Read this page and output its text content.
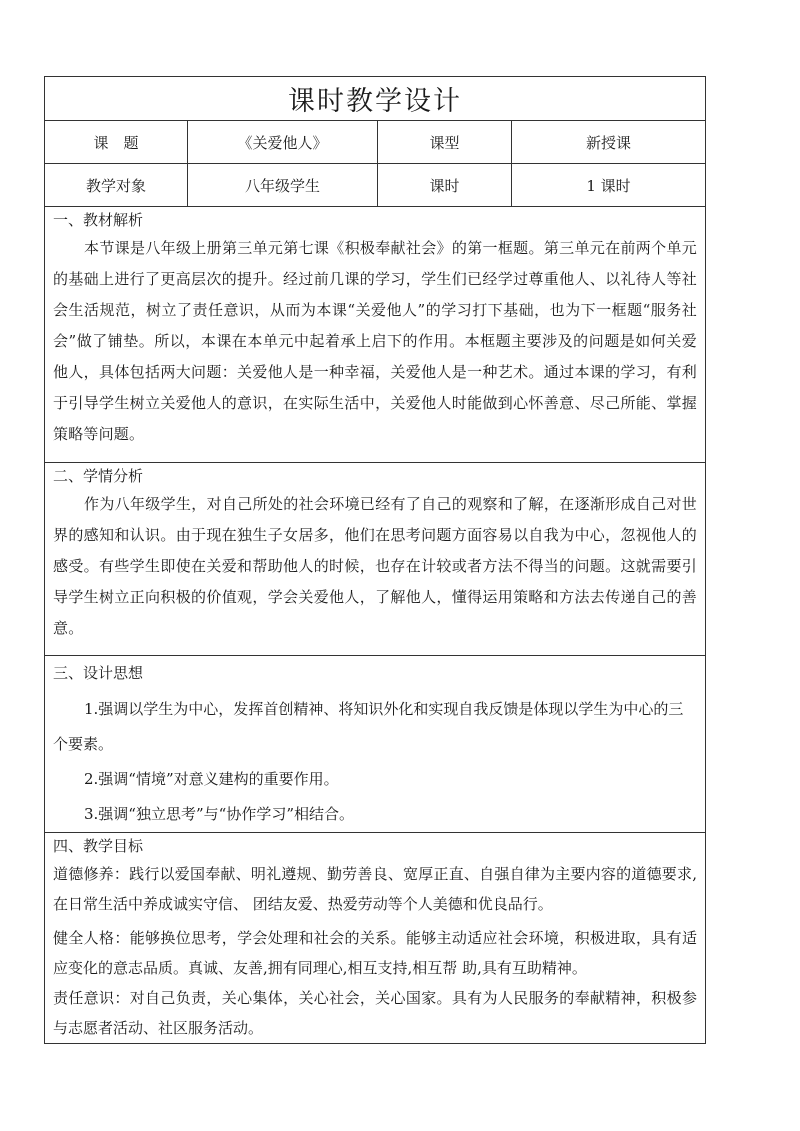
课时教学设计			
课　题	《关爱他人》	课型	新授课
教学对象	八年级学生	课时	1 课时

一、教材解析

本节课是八年级上册第三单元第七课《积极奉献社会》的第一框题。第三单元在前两个单元的基础上进行了更高层次的提升。经过前几课的学习，学生们已经学过尊重他人、以礼待人等社会生活规范，树立了责任意识，从而为本课“关爱他人”的学习打下基础，也为下一框题“服务社会”做了铺垫。所以，本课在本单元中起着承上启下的作用。本框题主要涉及的问题是如何关爱他人，具体包括两大问题：关爱他人是一种幸福，关爱他人是一种艺术。通过本课的学习，有利于引导学生树立关爱他人的意识，在实际生活中，关爱他人时能做到心怀善意、尽己所能、掌握策略等问题。			

二、学情分析

作为八年级学生，对自己所处的社会环境已经有了自己的观察和了解，在逐渐形成自己对世界的感知和认识。由于现在独生子女居多，他们在思考问题方面容易以自我为中心，忽视他人的感受。有些学生即使在关爱和帮助他人的时候，也存在计较或者方法不得当的问题。这就需要引导学生树立正向积极的价值观，学会关爱他人，了解他人，懂得运用策略和方法去传递自己的善意。			

三、设计思想

1.强调以学生为中心，发挥首创精神、将知识外化和实现自我反馈是体现以学生为中心的三个要素。

2.强调“情境”对意义建构的重要作用。

3.强调“独立思考”与“协作学习”相结合。			

四、教学目标

道德修养：践行以爱国奉献、明礼遵规、勤劳善良、宽厚正直、自强自律为主要内容的道德要求,在日常生活中养成诚实守信、 团结友爱、热爱劳动等个人美德和优良品行。

健全人格：能够换位思考，学会处理和社会的关系。能够主动适应社会环境，积极进取，具有适应变化的意志品质。真诚、友善,拥有同理心,相互支持,相互帮 助,具有互助精神。

责任意识：对自己负责，关心集体，关心社会，关心国家。具有为人民服务的奉献精神，积极参与志愿者活动、社区服务活动。			
